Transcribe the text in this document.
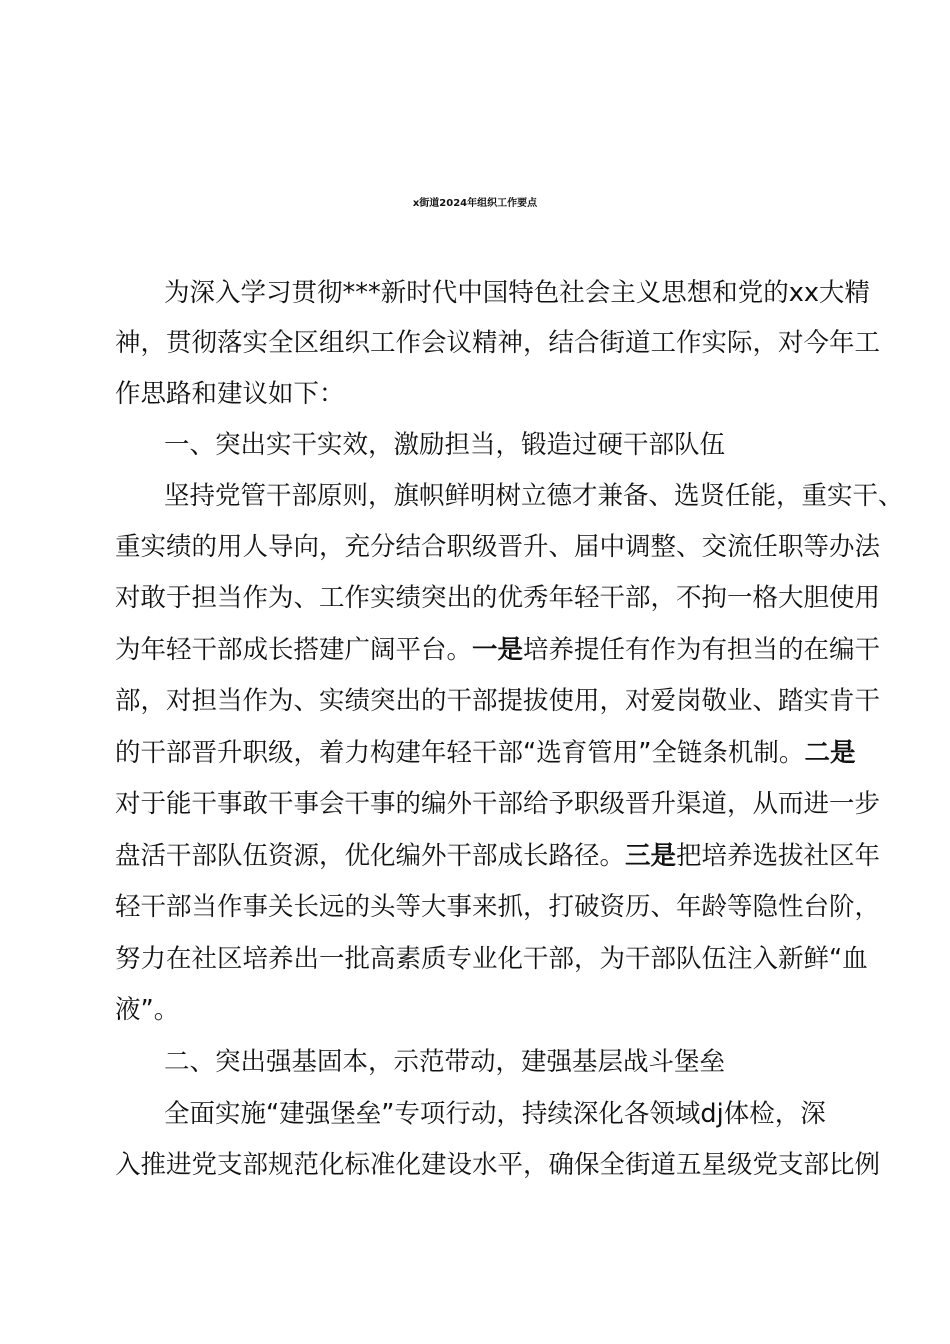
x街道2024年组织工作要点
为深入学习贯彻***新时代中国特色社会主义思想和党的xx大精
神，贯彻落实全区组织工作会议精神，结合街道工作实际，对今年工
作思路和建议如下：
一、突出实干实效，激励担当，锻造过硬干部队伍
坚持党管干部原则，旗帜鲜明树立德才兼备、选贤任能，重实干、
重实绩的用人导向，充分结合职级晋升、届中调整、交流任职等办法
对敢于担当作为、工作实绩突出的优秀年轻干部，不拘一格大胆使用
为年轻干部成长搭建广阔平台。一是培养提任有作为有担当的在编干
部，对担当作为、实绩突出的干部提拔使用，对爱岗敬业、踏实肯干
的干部晋升职级，着力构建年轻干部“选育管用”全链条机制。二是
对于能干事敢干事会干事的编外干部给予职级晋升渠道，从而进一步
盘活干部队伍资源，优化编外干部成长路径。三是把培养选拔社区年
轻干部当作事关长远的头等大事来抓，打破资历、年龄等隐性台阶，
努力在社区培养出一批高素质专业化干部，为干部队伍注入新鲜“血
液”。
二、突出强基固本，示范带动，建强基层战斗堡垒
全面实施“建强堡垒”专项行动，持续深化各领域dj体检，深
入推进党支部规范化标准化建设水平，确保全街道五星级党支部比例
